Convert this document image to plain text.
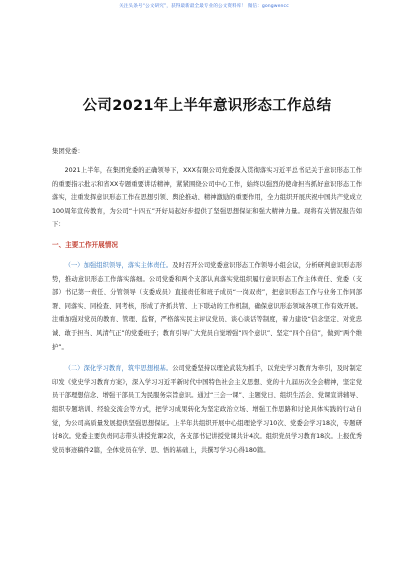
关注头条号“公文研究”，获得最新最全最专业的公文资料库！ 微信：gongwencc
公司2021年上半年意识形态工作总结
集团党委：

2021上半年，在集团党委的正确领导下，XXX有限公司党委深入贯彻落实习近平总书记关于意识形态工作的重要指示批示和省XX专题重要讲话精神，紧紧围绕公司中心工作，始终以强烈的使命担当抓好意识形态工作落实，注重发挥意识形态工作在思想引领、舆论推动、精神激励的重要作用，全力组织开展庆祝中国共产党成立100周年宣传教育，为公司“十四五”开好局起好步提供了坚强思想保证和强大精神力量。现将有关情况报告如下：

一、主要工作开展情况

（一）加强组织领导，落实主体责任。及时召开公司党委意识形态工作领导小组会议，分析研判意识形态形势，推动意识形态工作落实落细。公司党委和两个支部认真落实党组织履行意识形态工作主体责任、党委（支部）书记第一责任、分管领导（支委成员）直接责任和班子成员“一岗双责”，把意识形态工作与业务工作同部署、同落实、同检查、同考核，形成了齐抓共管、上下联动的工作机制，确保意识形态领域各项工作有效开展。注重加强对党员的教育、管理、监督，严格落实民主评议党员、谈心谈话等制度，着力建设“信念坚定、对党忠诚、敢于担当、风清气正”的党委班子；教育引导广大党员自觉增强“四个意识”、坚定“四个自信”，做到“两个维护”。

（二）深化学习教育，筑牢思想根基。公司党委坚持以理论武装为抓手，以党史学习教育为牵引，及时制定印发《党史学习教育方案》，深入学习习近平新时代中国特色社会主义思想、党的十九届历次全会精神，坚定党员干部理想信念、增强干部员工为民服务宗旨意识。通过“三会一课”、主题党日、组织生活会、党课宣讲辅导、组织专题培训、经验交流会等方式，把学习成果转化为坚定政治立场、增强工作思路和讨论具体实践的行动自觉，为公司高质量发展提供坚强思想保证。上半年共组织开展中心组理论学习10次、党委会学习18次，专题研讨8次。党委主要负责同志带头讲授党课2次，各支部书记讲授党课共计4次。组织党员学习教育18次。上报优秀党员事迹稿件2篇，全体党员在学、思、悟的基础上，共撰写学习心得180篇。
